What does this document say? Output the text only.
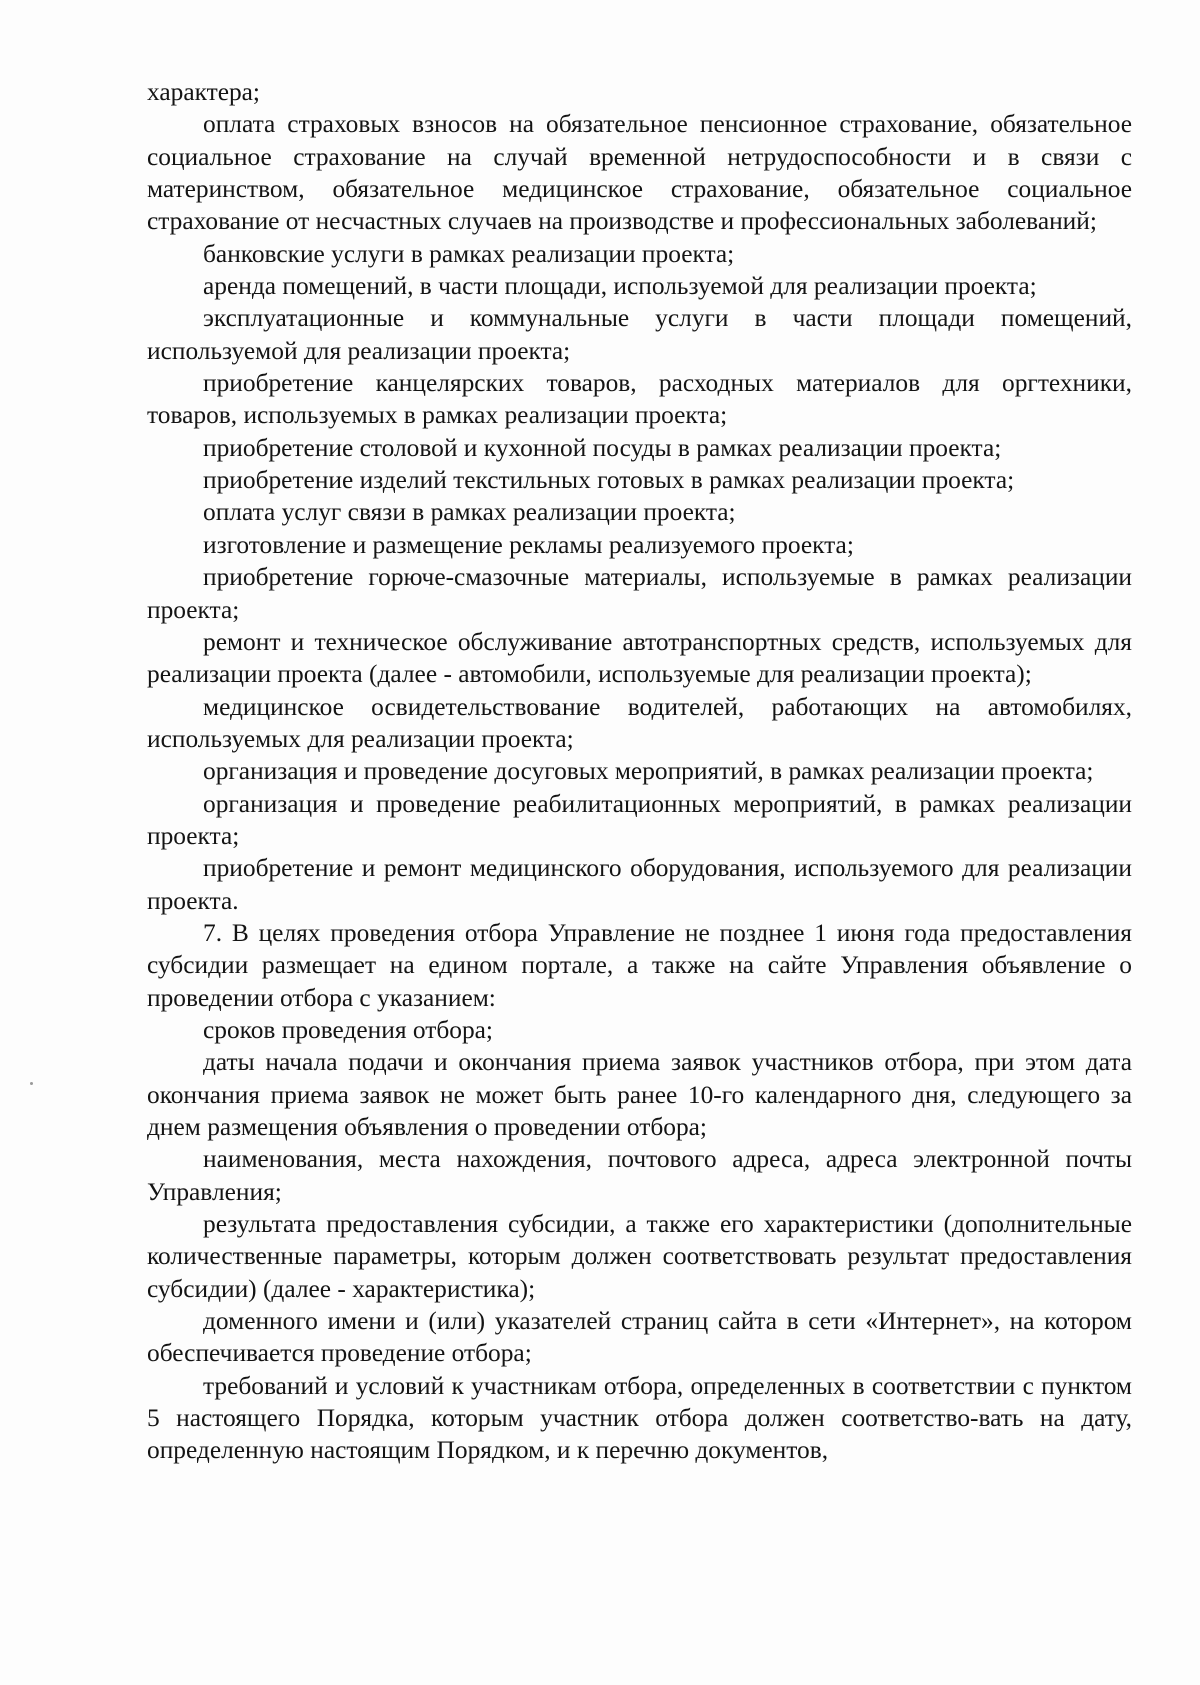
характера;

оплата страховых взносов на обязательное пенсионное страхование, обязательное социальное страхование на случай временной нетрудоспособности и в связи с материнством, обязательное медицинское страхование, обязательное социальное страхование от несчастных случаев на производстве и профессиональных заболеваний;

банковские услуги в рамках реализации проекта;

аренда помещений, в части площади, используемой для реализации проекта;

эксплуатационные и коммунальные услуги в части площади помещений, используемой для реализации проекта;

приобретение канцелярских товаров, расходных материалов для оргтехники, товаров, используемых в рамках реализации проекта;

приобретение столовой и кухонной посуды в рамках реализации проекта;

приобретение изделий текстильных готовых в рамках реализации проекта;

оплата услуг связи в рамках реализации проекта;

изготовление и размещение рекламы реализуемого проекта;

приобретение горюче-смазочные материалы, используемые в рамках реализации проекта;

ремонт и техническое обслуживание автотранспортных средств, используемых для реализации проекта (далее - автомобили, используемые для реализации проекта);

медицинское освидетельствование водителей, работающих на автомобилях, используемых для реализации проекта;

организация и проведение досуговых мероприятий, в рамках реализации проекта;

организация и проведение реабилитационных мероприятий, в рамках реализации проекта;

приобретение и ремонт медицинского оборудования, используемого для реализации проекта.

7. В целях проведения отбора Управление не позднее 1 июня года предоставления субсидии размещает на едином портале, а также на сайте Управления объявление о проведении отбора с указанием:

сроков проведения отбора;

даты начала подачи и окончания приема заявок участников отбора, при этом дата окончания приема заявок не может быть ранее 10-го календарного дня, следующего за днем размещения объявления о проведении отбора;

наименования, места нахождения, почтового адреса, адреса электронной почты Управления;

результата предоставления субсидии, а также его характеристики (дополнительные количественные параметры, которым должен соответствовать результат предоставления субсидии) (далее - характеристика);

доменного имени и (или) указателей страниц сайта в сети «Интернет», на котором обеспечивается проведение отбора;

требований и условий к участникам отбора, определенных в соответствии с пунктом 5 настоящего Порядка, которым участник отбора должен соответство-вать на дату, определенную настоящим Порядком, и к перечню документов,
